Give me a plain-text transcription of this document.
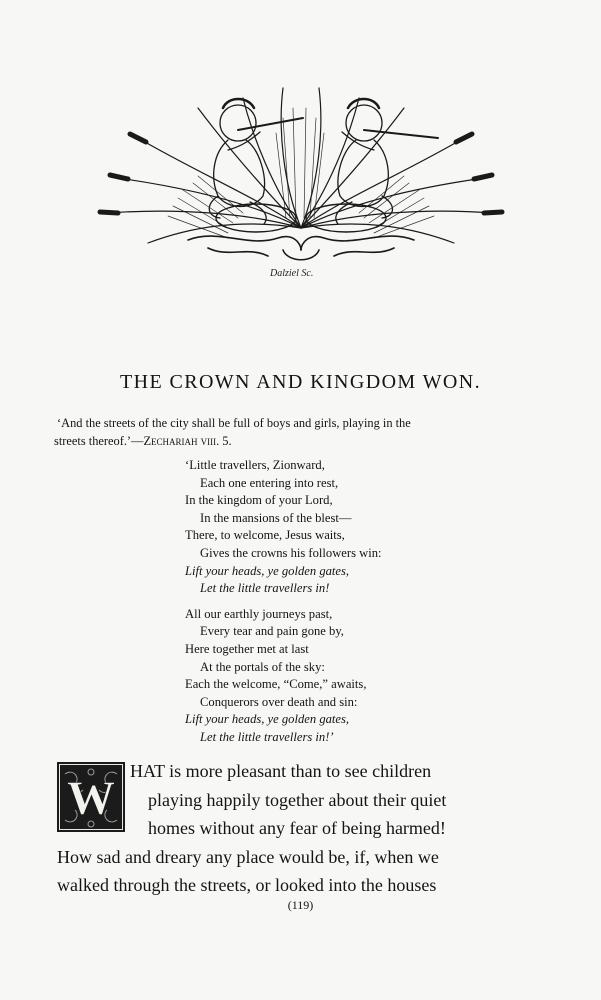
Dalziel Sc.
THE CROWN AND KINGDOM WON.
‘And the streets of the city shall be full of boys and girls, playing in the
streets thereof.’—Zechariah viii. 5.
‘Little travellers, Zionward,
Each one entering into rest,
In the kingdom of your Lord,
In the mansions of the blest—
There, to welcome, Jesus waits,
Gives the crowns his followers win:
Lift your heads, ye golden gates,
Let the little travellers in!
All our earthly journeys past,
Every tear and pain gone by,
Here together met at last
At the portals of the sky:
Each the welcome, “Come,” awaits,
Conquerors over death and sin:
Lift your heads, ye golden gates,
Let the little travellers in!’
W
HAT is more pleasant than to see children
playing happily together about their quiet
homes without any fear of being harmed!
How sad and dreary any place would be, if, when we
walked through the streets, or looked into the houses
(119)
